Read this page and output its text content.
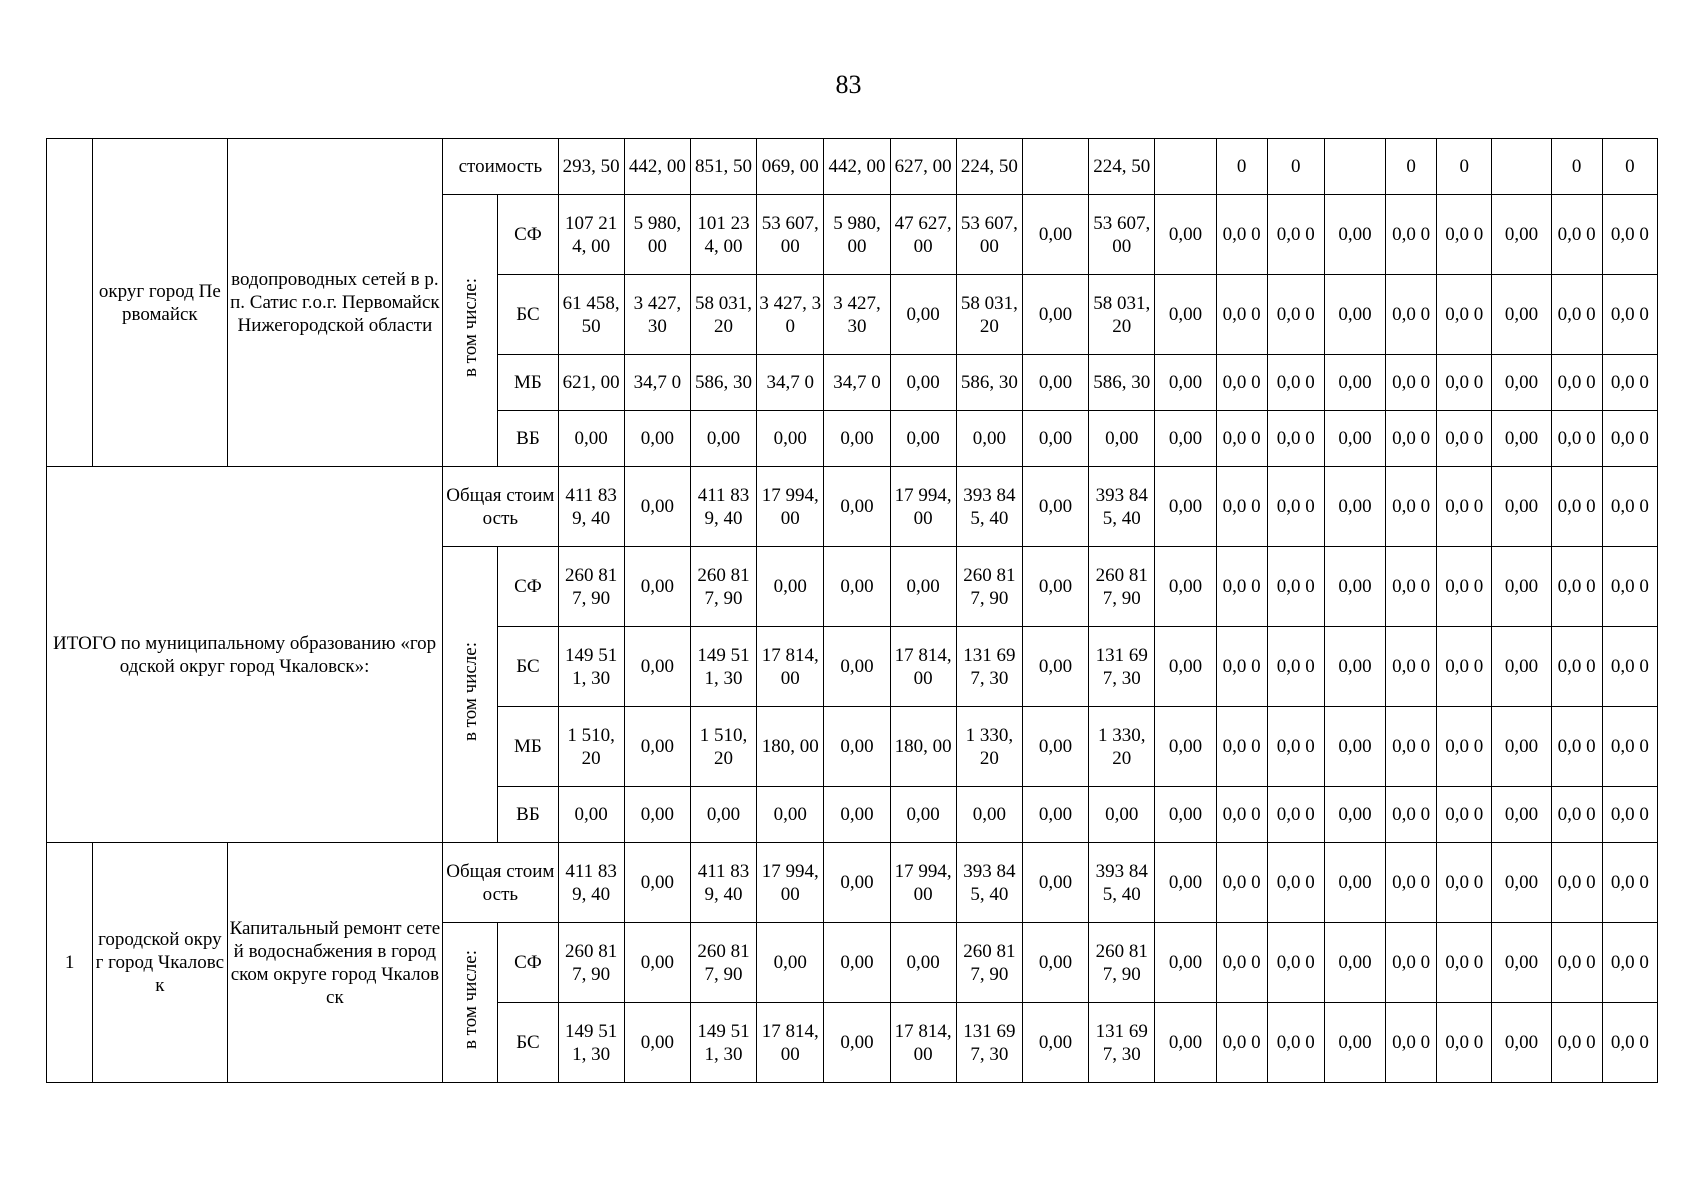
83
	округ город Первомайск	водопроводных сетей в р.п. Сатис г.о.г. Первомайск Нижегородской области	стоимость		293, 50	442, 00	851, 50	069, 00	442, 00	627, 00	224, 50		224, 50		0	0		0	0		0	0
			в том числе:	СФ	107 214, 00	5 980, 00	101 234, 00	53 607, 00	5 980, 00	47 627, 00	53 607, 00	0,00	53 607, 00	0,00	0,0 0	0,0 0	0,00	0,0 0	0,0 0	0,00	0,0 0	0,0 0
				БС	61 458, 50	3 427, 30	58 031, 20	3 427, 30	3 427, 30	0,00	58 031, 20	0,00	58 031, 20	0,00	0,0 0	0,0 0	0,00	0,0 0	0,0 0	0,00	0,0 0	0,0 0
				МБ	621, 00	34,7 0	586, 30	34,7 0	34,7 0	0,00	586, 30	0,00	586, 30	0,00	0,0 0	0,0 0	0,00	0,0 0	0,0 0	0,00	0,0 0	0,0 0
				ВБ	0,00	0,00	0,00	0,00	0,00	0,00	0,00	0,00	0,00	0,00	0,0 0	0,0 0	0,00	0,0 0	0,0 0	0,00	0,0 0	0,0 0
ИТОГО по муниципальному образованию «городской округ город Чкаловск»:			Общая стоимость		411 839, 40	0,00	411 839, 40	17 994, 00	0,00	17 994, 00	393 845, 40	0,00	393 845, 40	0,00	0,0 0	0,0 0	0,00	0,0 0	0,0 0	0,00	0,0 0	0,0 0
			в том числе:	СФ	260 817, 90	0,00	260 817, 90	0,00	0,00	0,00	260 817, 90	0,00	260 817, 90	0,00	0,0 0	0,0 0	0,00	0,0 0	0,0 0	0,00	0,0 0	0,0 0
				БС	149 511, 30	0,00	149 511, 30	17 814, 00	0,00	17 814, 00	131 697, 30	0,00	131 697, 30	0,00	0,0 0	0,0 0	0,00	0,0 0	0,0 0	0,00	0,0 0	0,0 0
				МБ	1 510, 20	0,00	1 510, 20	180, 00	0,00	180, 00	1 330, 20	0,00	1 330, 20	0,00	0,0 0	0,0 0	0,00	0,0 0	0,0 0	0,00	0,0 0	0,0 0
				ВБ	0,00	0,00	0,00	0,00	0,00	0,00	0,00	0,00	0,00	0,00	0,0 0	0,0 0	0,00	0,0 0	0,0 0	0,00	0,0 0	0,0 0
1	городской округ город Чкаловск	Капитальный ремонт сетей водоснабжения в городском округе город Чкаловск	Общая стоимость		411 839, 40	0,00	411 839, 40	17 994, 00	0,00	17 994, 00	393 845, 40	0,00	393 845, 40	0,00	0,0 0	0,0 0	0,00	0,0 0	0,0 0	0,00	0,0 0	0,0 0
			в том числе:	СФ	260 817, 90	0,00	260 817, 90	0,00	0,00	0,00	260 817, 90	0,00	260 817, 90	0,00	0,0 0	0,0 0	0,00	0,0 0	0,0 0	0,00	0,0 0	0,0 0
				БС	149 511, 30	0,00	149 511, 30	17 814, 00	0,00	17 814, 00	131 697, 30	0,00	131 697, 30	0,00	0,0 0	0,0 0	0,00	0,0 0	0,0 0	0,00	0,0 0	0,0 0
